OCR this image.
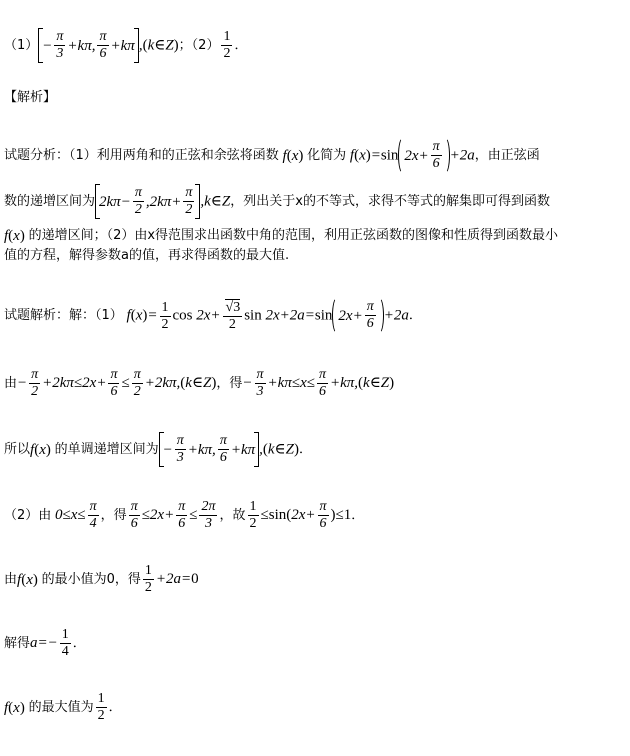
$(1) - \frac{\pi}{3} + k\pi$ , $\frac{\pi}{6} + k\pi$ ,(k∈Z) ；$(2) \frac{1}{2}$ ．
【解析】
试题分析：（1）利用两角和的正弦和余弦将函数 f(x) 化简为 f(x)=sin $2x+ \frac{\pi}{6} +2a$ ，由正弦函
数的递增区间为 $2k\pi- \frac{\pi}{2} ,2k\pi+ \frac{\pi}{2}$ ,k∈Z ，列出关于x的不等式，求得不等式的解集即可得到函数
f(x) 的递增区间；（2）由x得范围求出函数中角的范围，利用正弦函数的图像和性质得到函数最小
值的方程，解得参数a的值，再求得函数的最大值.
试题解析：解：（1） $f(x)= \frac{1}{2}$ $\cos 2x+ \frac{√3}{2}$ sin 2x+2a=sin $2x+ \frac{\pi}{6} +2a$ ．
由 − $\frac{\pi}{2} +2k\pi\le 2x+ \frac{\pi}{6} \le \frac{\pi}{2}$ +2kπ,(k∈Z) ，得 − $\frac{\pi}{3} +k\pi\le x\le \frac{\pi}{6}$ +kπ,(k∈Z)
所以 f(x) 的单调递增区间为 − $\frac{\pi}{3} +k\pi$, $\frac{\pi}{6} +k\pi$ ,(k∈Z) ．
（2）由 $0\le x\le \frac{\pi}{4}$ ，得 $\frac{\pi}{6} \le 2x+ \frac{\pi}{6} \le \frac{2\pi}{3}$ ，故 $\frac{1}{2} \le\sin(2x+ \frac{\pi}{6} )\le 1$ ．
由 f(x) 的最小值为0，得 $\frac{1}{2} +2a=0$
解得 $a=- \frac{1}{4}$ ．
f(x) 的最大值为 $\frac{1}{2}$ ．
